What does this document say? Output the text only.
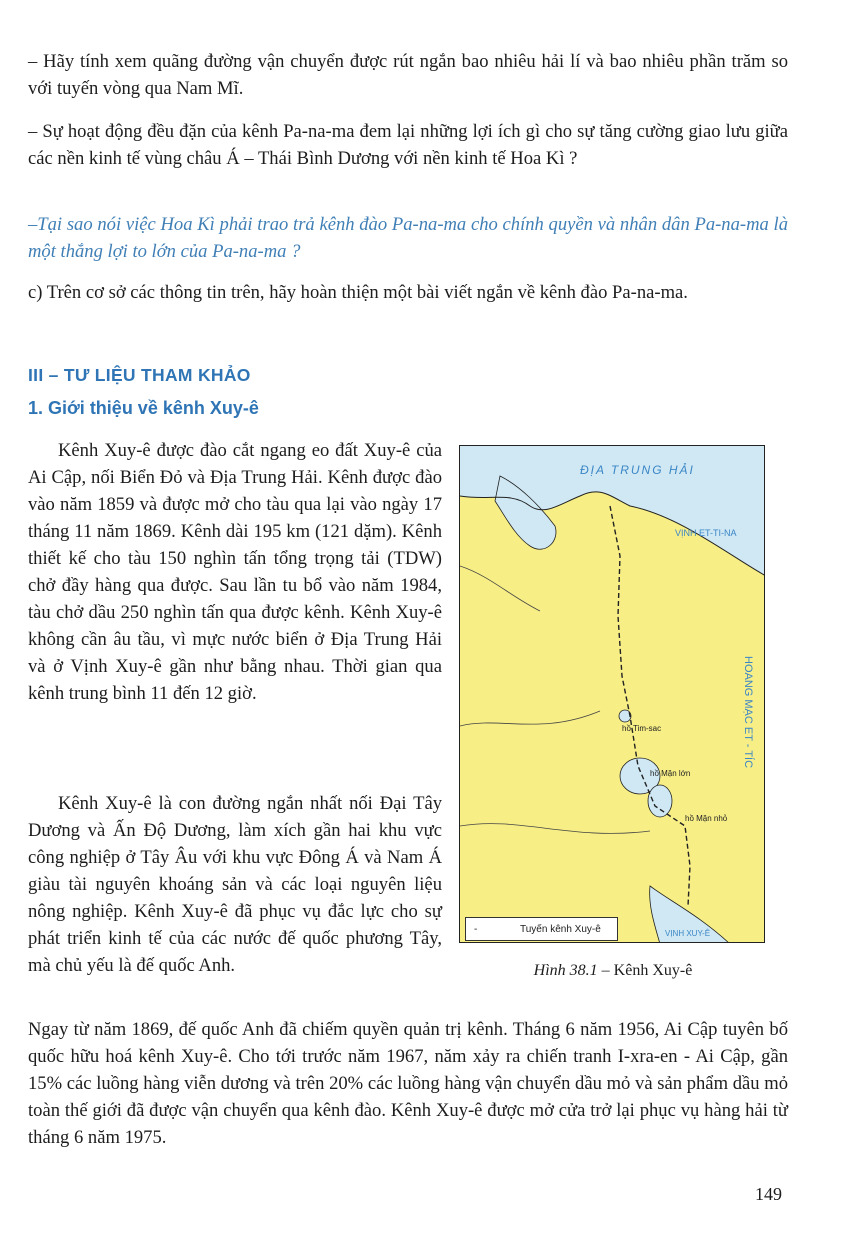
– Hãy tính xem quãng đường vận chuyển được rút ngắn bao nhiêu hải lí và bao nhiêu phần trăm so với tuyến vòng qua Nam Mĩ.

– Sự hoạt động đều đặn của kênh Pa-na-ma đem lại những lợi ích gì cho sự tăng cường giao lưu giữa các nền kinh tế vùng châu Á – Thái Bình Dương với nền kinh tế Hoa Kì ?

–Tại sao nói việc Hoa Kì phải trao trả kênh đào Pa-na-ma cho chính quyền và nhân dân Pa-na-ma là một thắng lợi to lớn của Pa-na-ma ?

c) Trên cơ sở các thông tin trên, hãy hoàn thiện một bài viết ngắn về kênh đào Pa-na-ma.

III – TƯ LIỆU THAM KHẢO
1. Giới thiệu về kênh Xuy-ê

Kênh Xuy-ê được đào cắt ngang eo đất Xuy-ê của Ai Cập, nối Biển Đỏ và Địa Trung Hải. Kênh được đào vào năm 1859 và được mở cho tàu qua lại vào ngày 17 tháng 11 năm 1869. Kênh dài 195 km (121 dặm). Kênh thiết kế cho tàu 150 nghìn tấn tổng trọng tải (TDW) chở đầy hàng qua được. Sau lần tu bổ vào năm 1984, tàu chở dầu 250 nghìn tấn qua được kênh. Kênh Xuy-ê không cần âu tầu, vì mực nước biển ở Địa Trung Hải và ở Vịnh Xuy-ê gần như bằng nhau. Thời gian qua kênh trung bình 11 đến 12 giờ.

Kênh Xuy-ê là con đường ngắn nhất nối Đại Tây Dương và Ấn Độ Dương, làm xích gần hai khu vực công nghiệp ở Tây Âu với khu vực Đông Á và Nam Á giàu tài nguyên khoáng sản và các loại nguyên liệu nông nghiệp. Kênh Xuy-ê đã phục vụ đắc lực cho sự phát triển kinh tế của các nước đế quốc phương Tây, mà chủ yếu là đế quốc Anh.

Ngay từ năm 1869, đế quốc Anh đã chiếm quyền quản trị kênh. Tháng 6 năm 1956, Ai Cập tuyên bố quốc hữu hoá kênh Xuy-ê. Cho tới trước năm 1967, năm xảy ra chiến tranh I-xra-en - Ai Cập, gần 15% các luồng hàng viễn dương và trên 20% các luồng hàng vận chuyển dầu mỏ và sản phẩm dầu mỏ toàn thế giới đã được vận chuyển qua kênh đào. Kênh Xuy-ê được mở cửa trở lại phục vụ hàng hải từ tháng 6 năm 1975.

ĐỊA TRUNG HẢI
VỊNH ET-TI-NA
HOANG MẠC ET - TÍC
hồ Tim-sac
hồ Mặn lớn
hồ Mặn nhỏ
VỊNH XUY-Ê
-	Tuyến kênh Xuy-ê
Hình 38.1 – Kênh Xuy-ê
149
